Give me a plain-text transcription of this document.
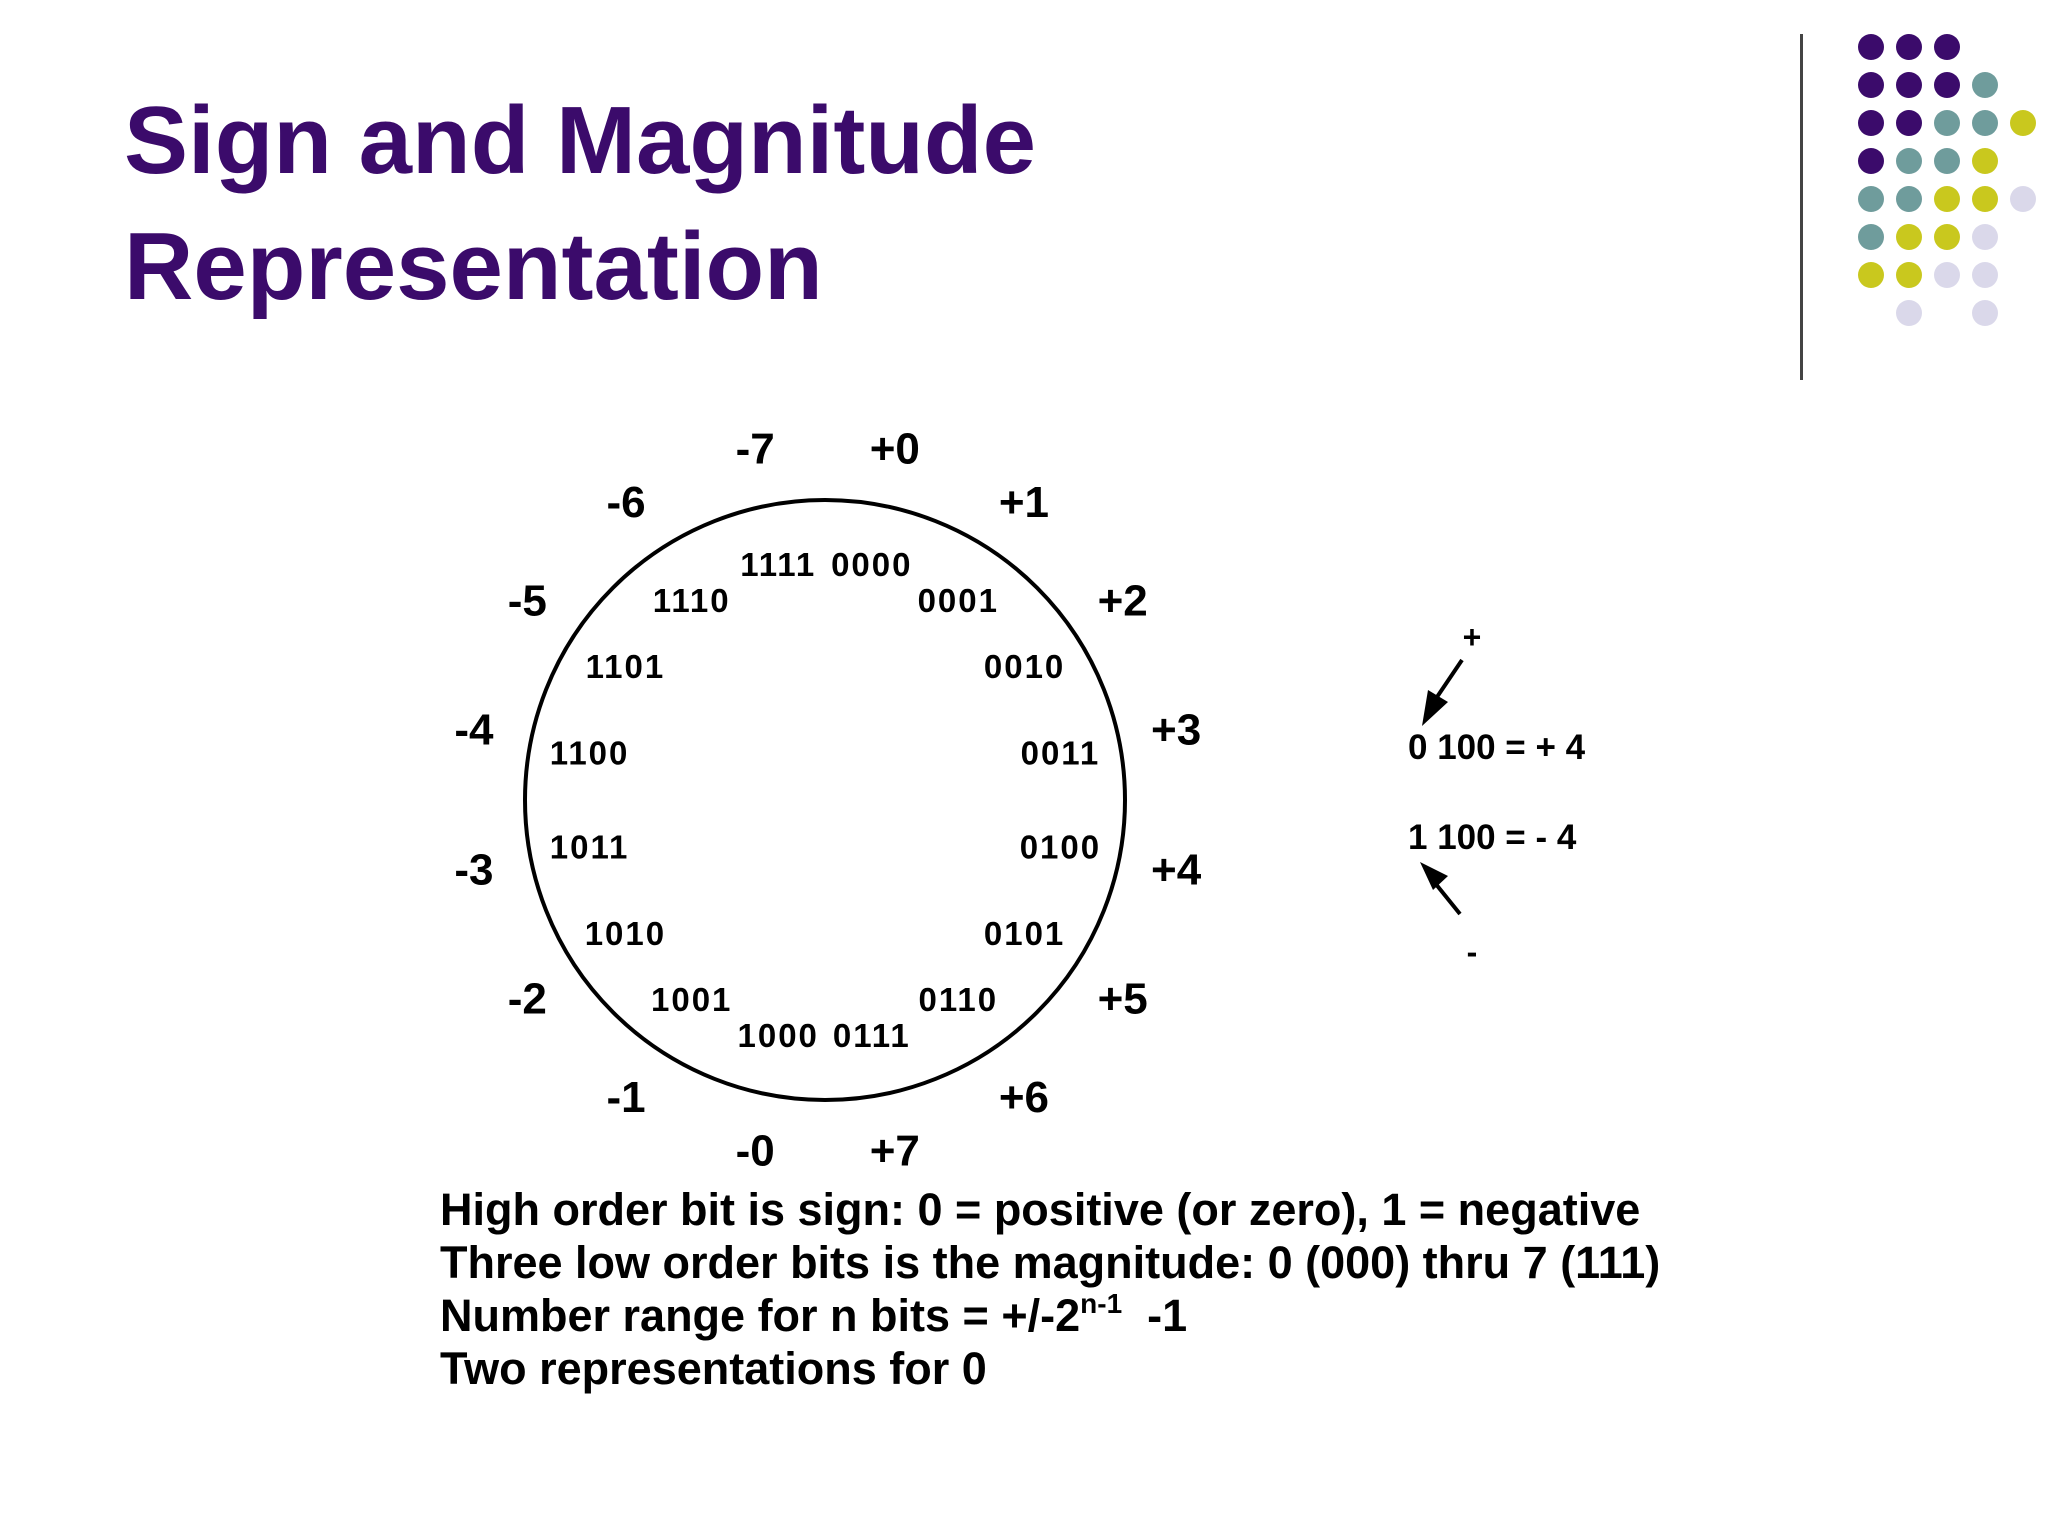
Sign and Magnitude
Representation
0000
+0
0001
+1
0010
+2
0011 +3
0100 +4
0101
+5
0110
+6
0111
+7
1000
-0
1001
-1
1010
-2
1011
-3
1100
-4
1101
-5	1110
-6
1111
-7
+
0 100 = + 4
1 100 = - 4
-
High order bit is sign: 0 = positive (or zero), 1 = negative
Three low order bits is the magnitude: 0 (000) thru 7 (111)
Number range for n bits = $+/-2^{n-1}$  -1
Two representations for 0
